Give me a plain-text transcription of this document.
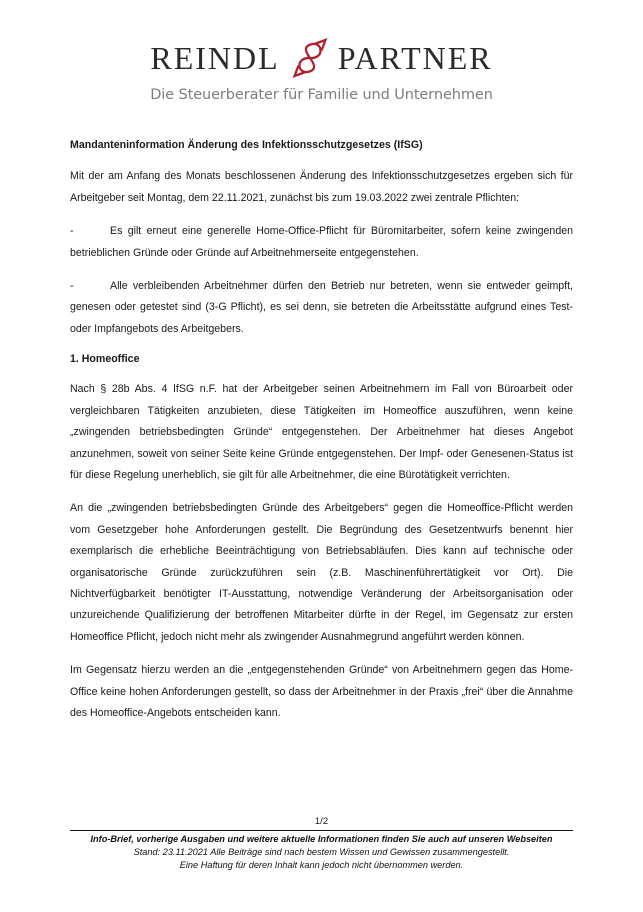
REINDL PARTNER
Die Steuerberater für Familie und Unternehmen
Mandanteninformation Änderung des Infektionsschutzgesetzes (IfSG)

Mit der am Anfang des Monats beschlossenen Änderung des Infektionsschutzgesetzes ergeben sich für Arbeitgeber seit Montag, dem 22.11.2021, zunächst bis zum 19.03.2022 zwei zentrale Pflichten:

-	Es gilt erneut eine generelle Home-Office-Pflicht für Büromitarbeiter, sofern keine zwingenden betrieblichen Gründe oder Gründe auf Arbeitnehmerseite entgegenstehen.

-	Alle verbleibenden Arbeitnehmer dürfen den Betrieb nur betreten, wenn sie entweder geimpft, genesen oder getestet sind (3-G Pflicht), es sei denn, sie betreten die Arbeitsstätte aufgrund eines Test- oder Impfangebots des Arbeitgebers.

1. Homeoffice

Nach § 28b Abs. 4 IfSG n.F. hat der Arbeitgeber seinen Arbeitnehmern im Fall von Büroarbeit oder vergleichbaren Tätigkeiten anzubieten, diese Tätigkeiten im Homeoffice auszuführen, wenn keine „zwingenden betriebsbedingten Gründe“ entgegenstehen. Der Arbeitnehmer hat dieses Angebot anzunehmen, soweit von seiner Seite keine Gründe entgegenstehen. Der Impf- oder Genesenen-Status ist für diese Regelung unerheblich, sie gilt für alle Arbeitnehmer, die eine Bürotätigkeit verrichten.

An die „zwingenden betriebsbedingten Gründe des Arbeitgebers“ gegen die Homeoffice-Pflicht werden vom Gesetzgeber hohe Anforderungen gestellt. Die Begründung des Gesetzentwurfs benennt hier exemplarisch die erhebliche Beeinträchtigung von Betriebsabläufen. Dies kann auf technische oder organisatorische Gründe zurückzuführen sein (z.B. Maschinenführertätigkeit vor Ort). Die Nichtverfügbarkeit benötigter IT-Ausstattung, notwendige Veränderung der Arbeitsorganisation oder unzureichende Qualifizierung der betroffenen Mitarbeiter dürfte in der Regel, im Gegensatz zur ersten Homeoffice Pflicht, jedoch nicht mehr als zwingender Ausnahmegrund angeführt werden können.

Im Gegensatz hierzu werden an die „entgegenstehenden Gründe“ von Arbeitnehmern gegen das Home-Office keine hohen Anforderungen gestellt, so dass der Arbeitnehmer in der Praxis „frei“ über die Annahme des Homeoffice-Angebots entscheiden kann.

1/2
Info-Brief, vorherige Ausgaben und weitere aktuelle Informationen finden Sie auch auf unseren Webseiten
Stand: 23.11.2021 Alle Beiträge sind nach bestem Wissen und Gewissen zusammengestellt.
Eine Haftung für deren Inhalt kann jedoch nicht übernommen werden.
